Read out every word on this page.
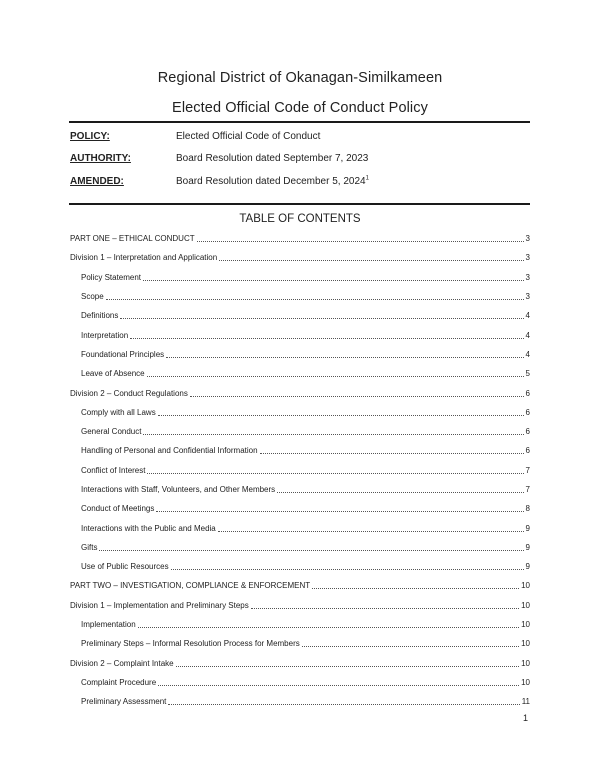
Regional District of Okanagan-Similkameen
Elected Official Code of Conduct Policy
POLICY:	Elected Official Code of Conduct
AUTHORITY:	Board Resolution dated September 7, 2023
AMENDED:	Board Resolution dated December 5, 2024$^1$
TABLE OF CONTENTS
PART ONE – ETHICAL CONDUCT	3
Division 1 – Interpretation and Application	3
Policy Statement	3
Scope	3
Definitions	4
Interpretation	4
Foundational Principles	4
Leave of Absence	5
Division 2 – Conduct Regulations	6
Comply with all Laws	6
General Conduct	6
Handling of Personal and Confidential Information	6
Conflict of Interest	7
Interactions with Staff, Volunteers, and Other Members	7
Conduct of Meetings	8
Interactions with the Public and Media	9
Gifts	9
Use of Public Resources	9
PART TWO – INVESTIGATION, COMPLIANCE & ENFORCEMENT	10
Division 1 – Implementation and Preliminary Steps	10
Implementation	10
Preliminary Steps – Informal Resolution Process for Members	10
Division 2 – Complaint Intake	10
Complaint Procedure	10
Preliminary Assessment	11
1
